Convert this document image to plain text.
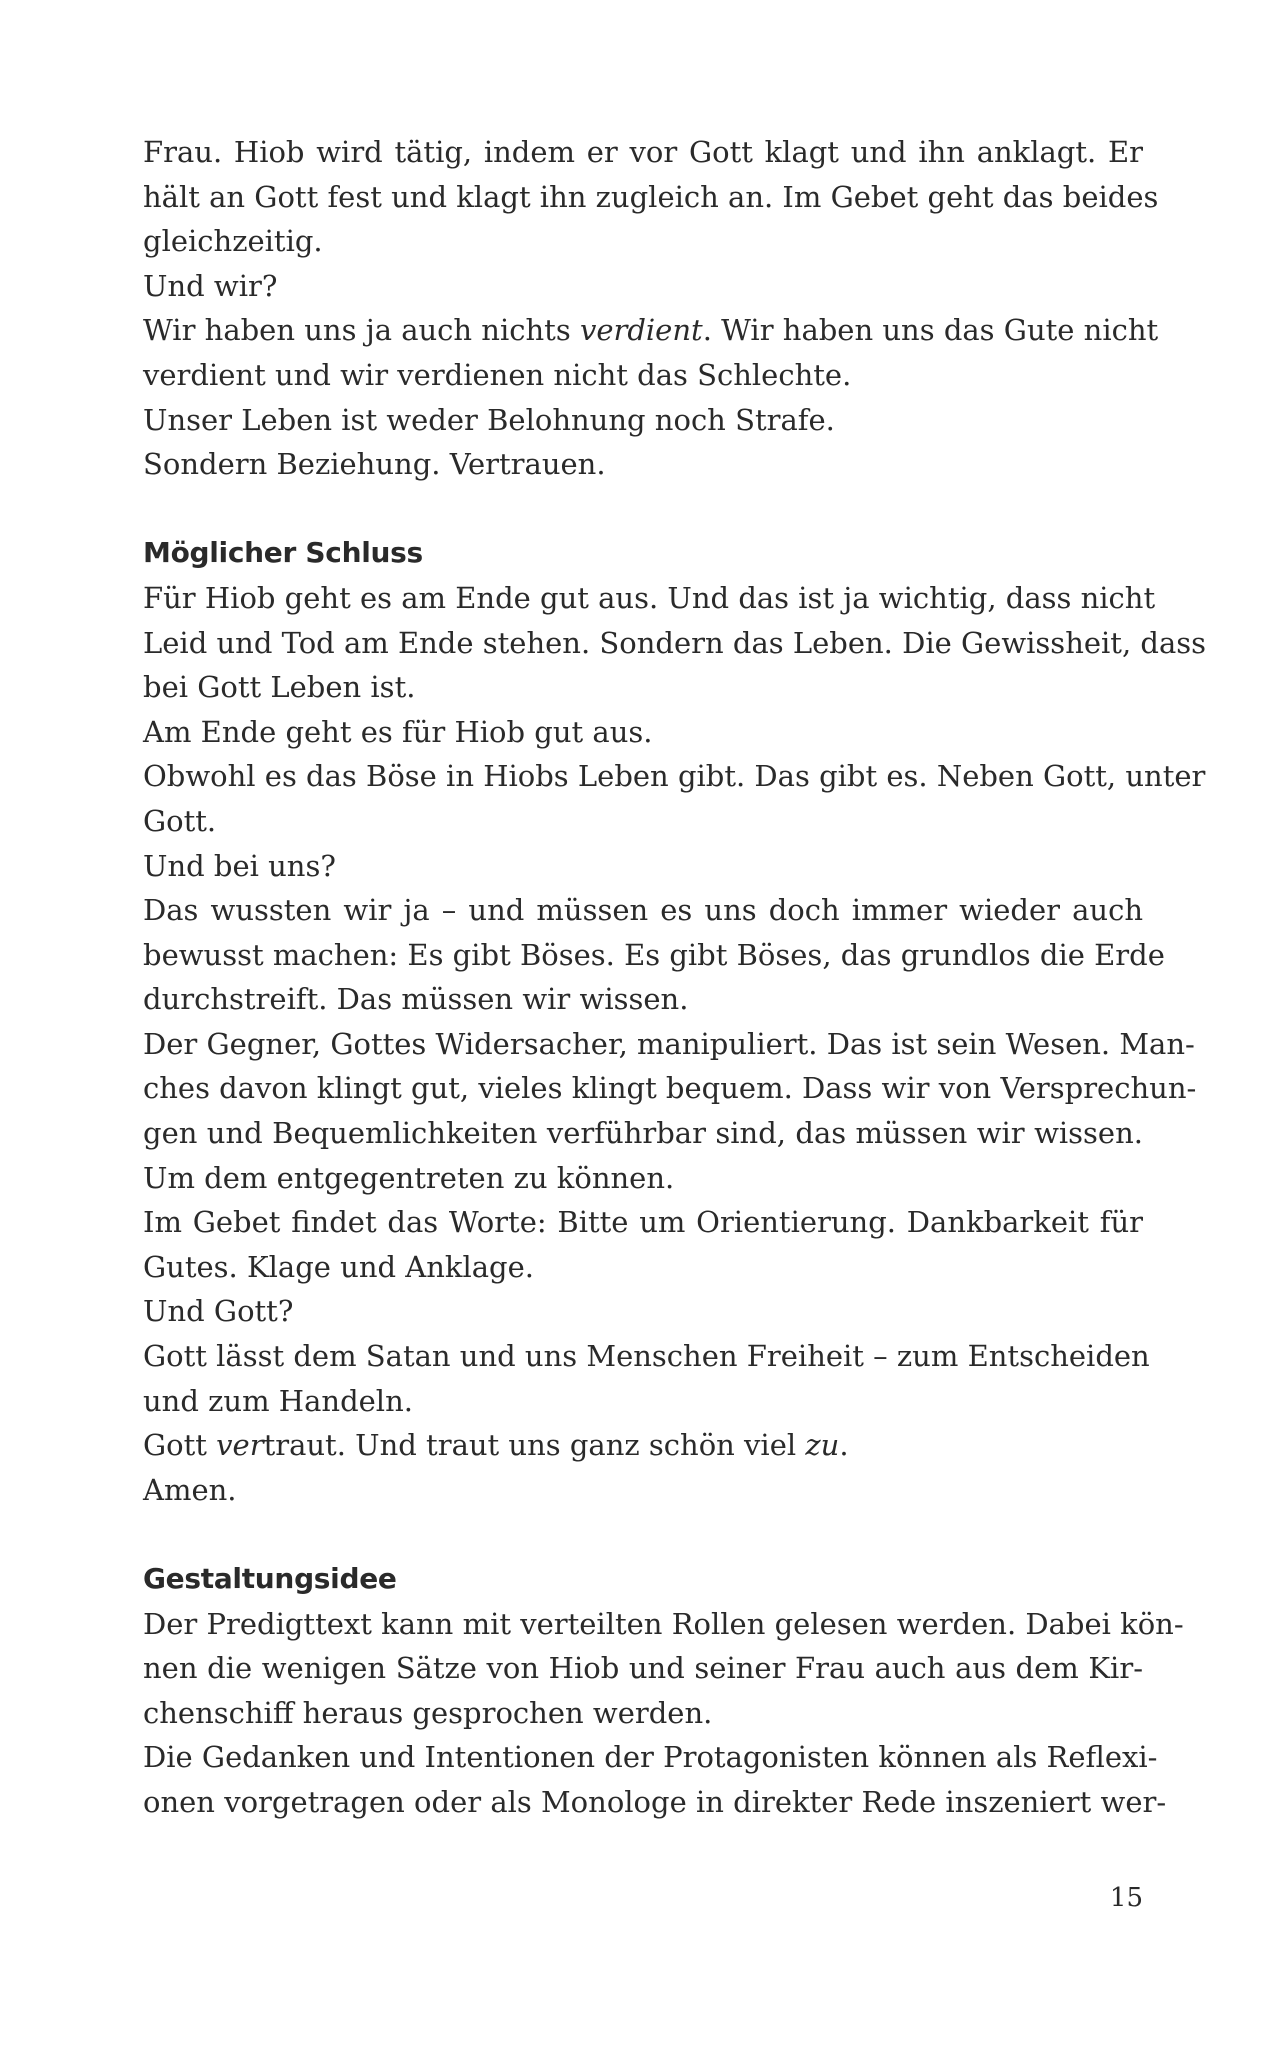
Frau. Hiob wird tätig, indem er vor Gott klagt und ihn anklagt. Er
hält an Gott fest und klagt ihn zugleich an. Im Gebet geht das beides
gleichzeitig.
Und wir?
Wir haben uns ja auch nichts verdient. Wir haben uns das Gute nicht
verdient und wir verdienen nicht das Schlechte.
Unser Leben ist weder Belohnung noch Strafe.
Sondern Beziehung. Vertrauen.
Möglicher Schluss
Für Hiob geht es am Ende gut aus. Und das ist ja wichtig, dass nicht
Leid und Tod am Ende stehen. Sondern das Leben. Die Gewissheit, dass
bei Gott Leben ist.
Am Ende geht es für Hiob gut aus.
Obwohl es das Böse in Hiobs Leben gibt. Das gibt es. Neben Gott, unter
Gott.
Und bei uns?
Das wussten wir ja – und müssen es uns doch immer wieder auch
bewusst machen: Es gibt Böses. Es gibt Böses, das grundlos die Erde
durchstreift. Das müssen wir wissen.
Der Gegner, Gottes Widersacher, manipuliert. Das ist sein Wesen. Man-
ches davon klingt gut, vieles klingt bequem. Dass wir von Versprechun-
gen und Bequemlichkeiten verführbar sind, das müssen wir wissen.
Um dem entgegentreten zu können.
Im Gebet findet das Worte: Bitte um Orientierung. Dankbarkeit für
Gutes. Klage und Anklage.
Und Gott?
Gott lässt dem Satan und uns Menschen Freiheit – zum Entscheiden
und zum Handeln.
Gott vertraut. Und traut uns ganz schön viel zu.
Amen.
Gestaltungsidee
Der Predigttext kann mit verteilten Rollen gelesen werden. Dabei kön-
nen die wenigen Sätze von Hiob und seiner Frau auch aus dem Kir-
chenschiff heraus gesprochen werden.
Die Gedanken und Intentionen der Protagonisten können als Reflexi-
onen vorgetragen oder als Monologe in direkter Rede inszeniert wer-
15
